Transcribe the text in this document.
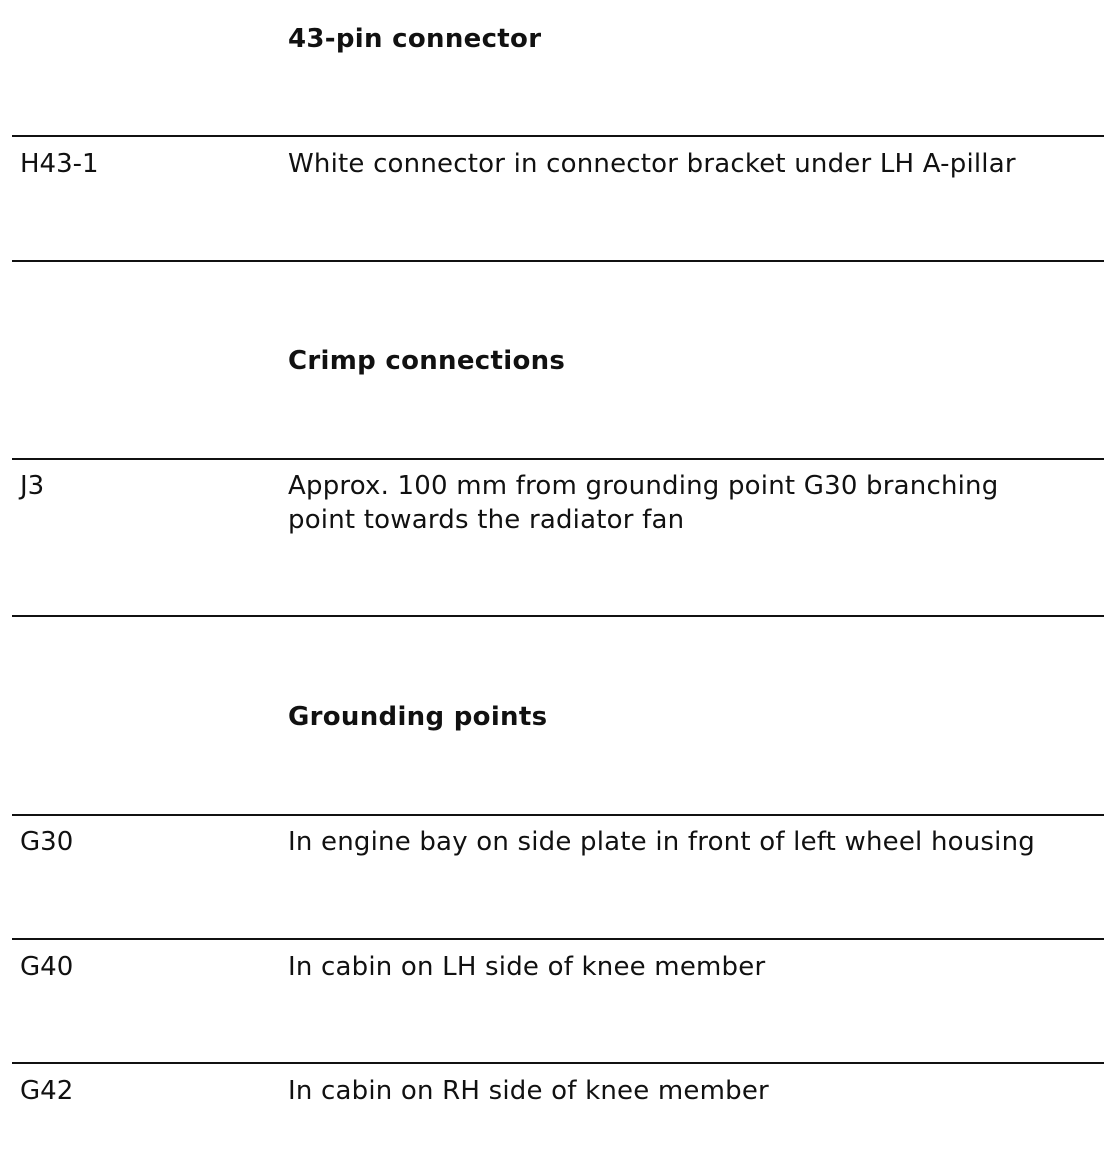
43-pin connector
H43-1	White connector in connector bracket under LH A-pillar
Crimp connections
J3	Approx. 100 mm from grounding point G30 branching point towards the radiator fan
Grounding points
G30	In engine bay on side plate in front of left wheel housing
G40	In cabin on LH side of knee member
G42	In cabin on RH side of knee member
